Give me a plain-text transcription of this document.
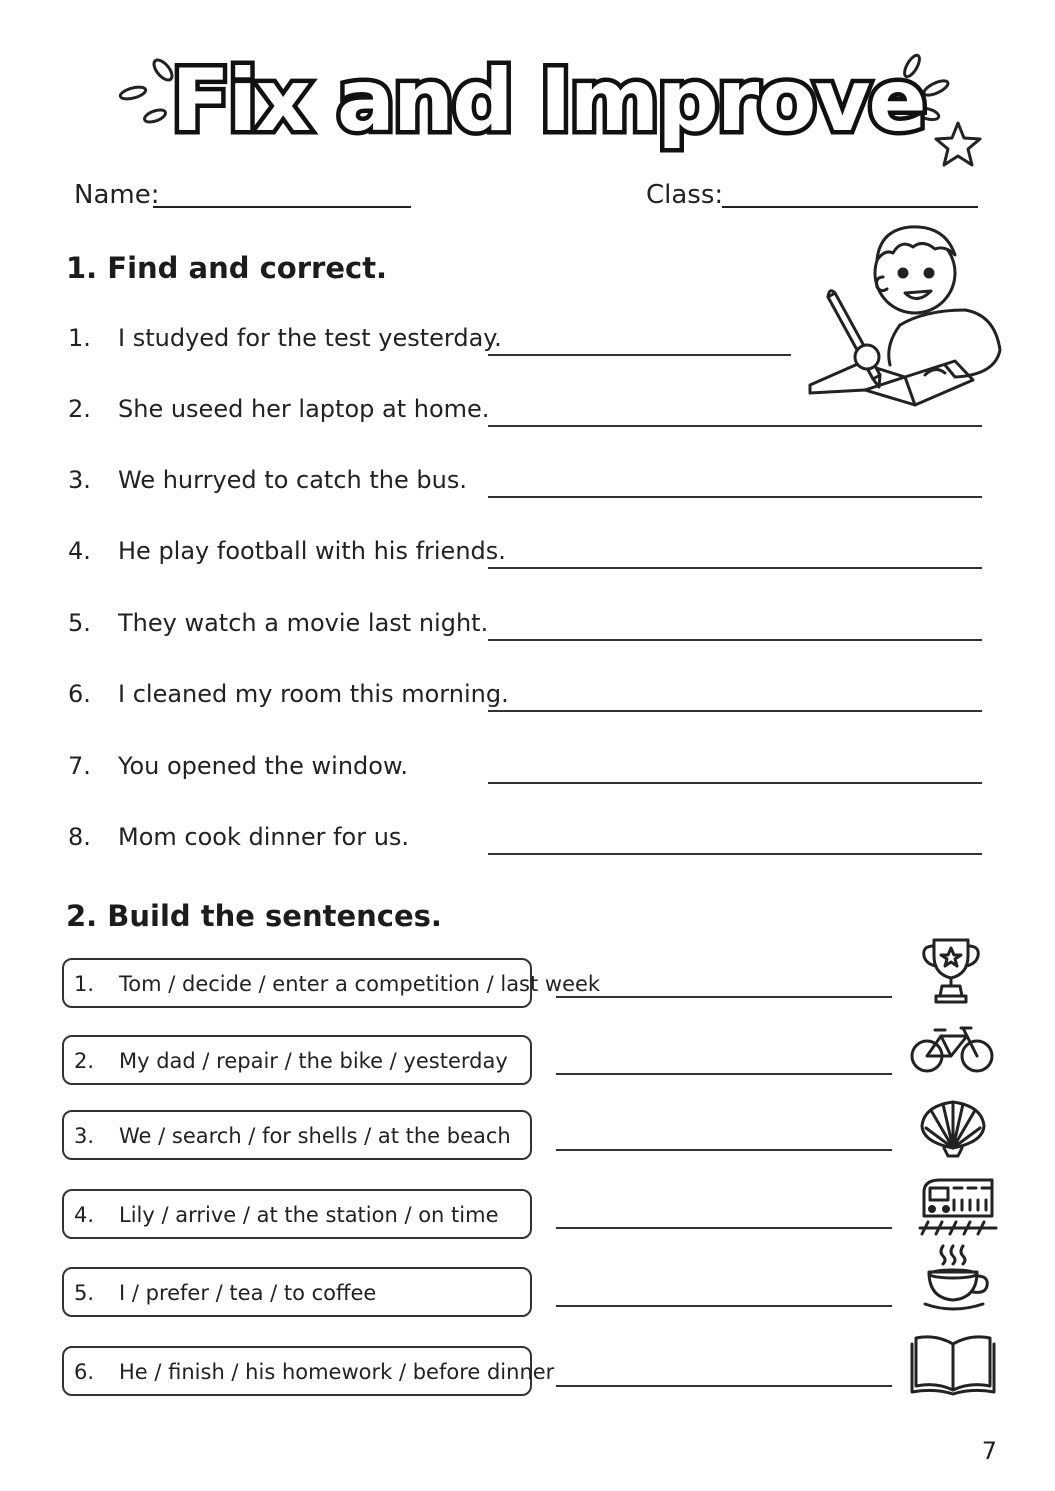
Fix and Improve
Name:	Class:
1. Find and correct.
1. I studyed for the test yesterday.
2. She useed her laptop at home.
3. We hurryed to catch the bus.
4. He play football with his friends.
5. They watch a movie last night.
6. I cleaned my room this morning.
7. You opened the window.
8. Mom cook dinner for us.
2. Build the sentences.
1. Tom / decide / enter a competition / last week
2. My dad / repair / the bike / yesterday
3. We / search / for shells / at the beach
4. Lily / arrive / at the station / on time
5. I / prefer / tea / to coffee
6. He / finish / his homework / before dinner
7
